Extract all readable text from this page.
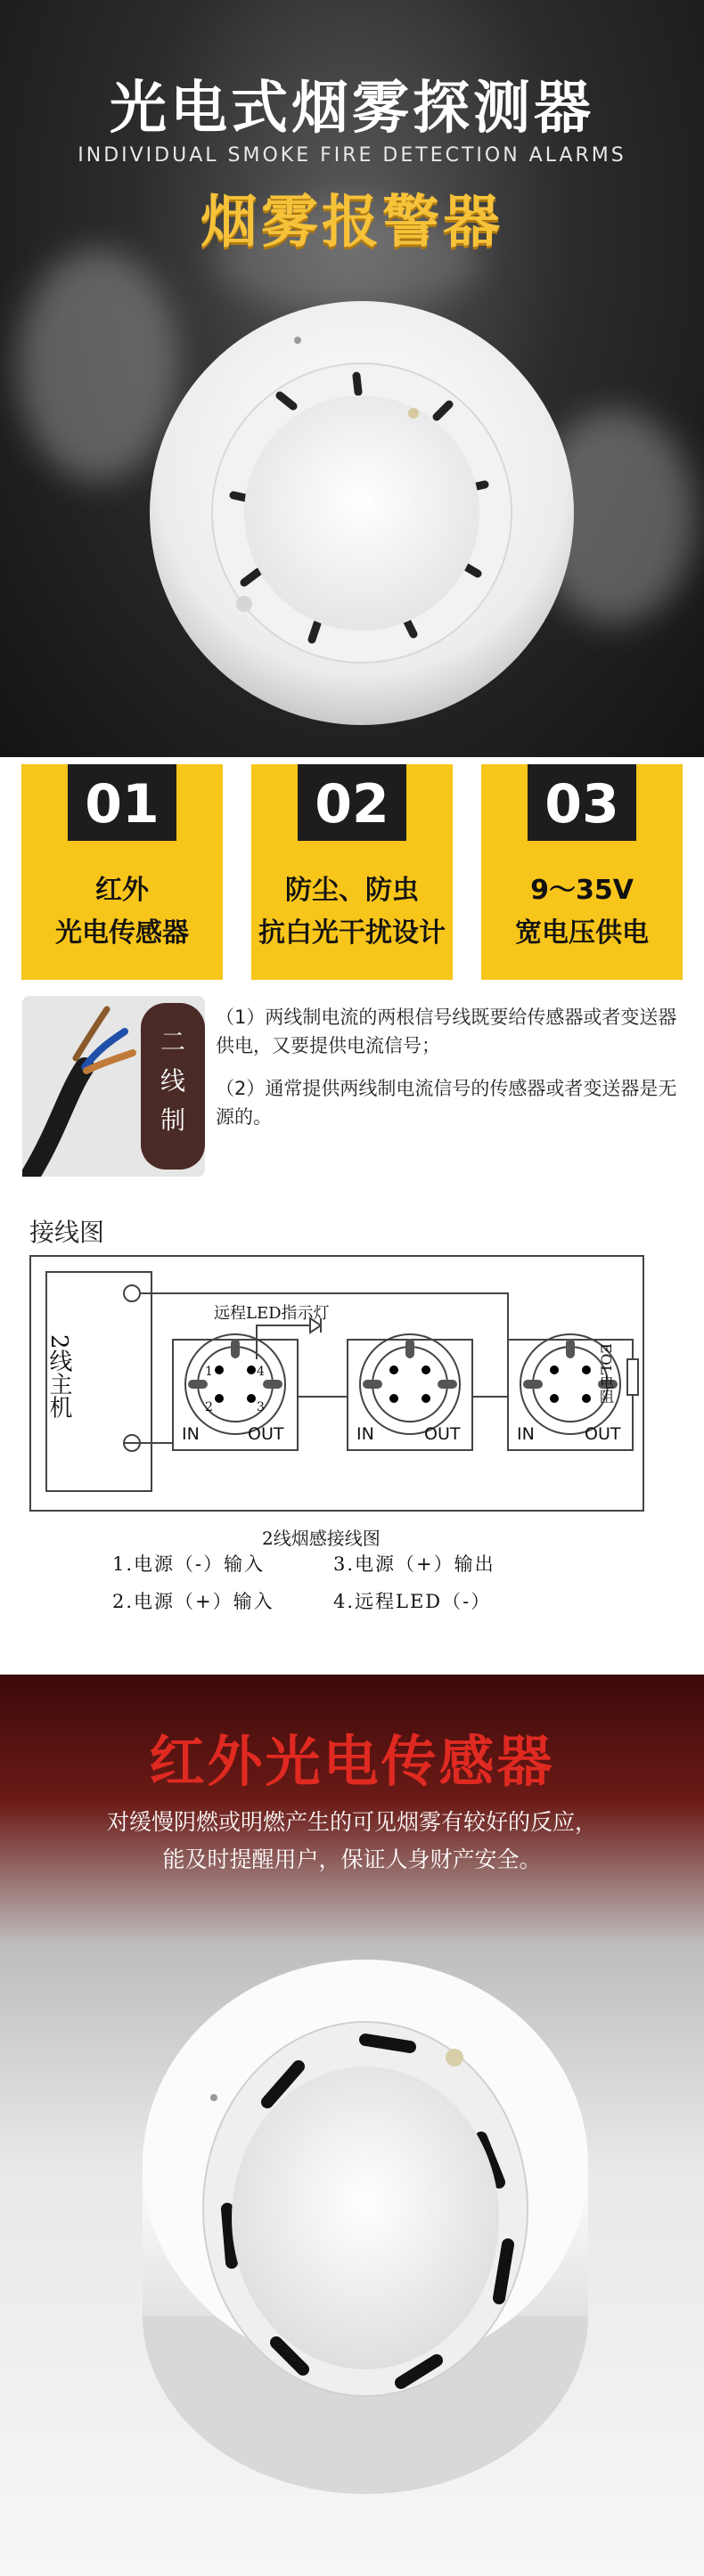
光电式烟雾探测器
INDIVIDUAL SMOKE FIRE DETECTION ALARMS
烟雾报警器
01
红外
光电传感器
02
防尘、防虫
抗白光干扰设计
03
9～35V
宽电压供电
二
线
制
（1）两线制电流的两根信号线既要给传感器或者变送器供电，又要提供电流信号；
（2）通常提供两线制电流信号的传感器或者变送器是无源的。
接线图
1	4
2	3
IN	OUT	IN	OUT	IN	OUT
2线主机
远程LED指示灯
EOL电阻
2线烟感接线图
1.电源（-）输入	3.电源（+）输出
2.电源（+）输入	4.远程LED（-）
红外光电传感器
对缓慢阴燃或明燃产生的可见烟雾有较好的反应，
能及时提醒用户，保证人身财产安全。
